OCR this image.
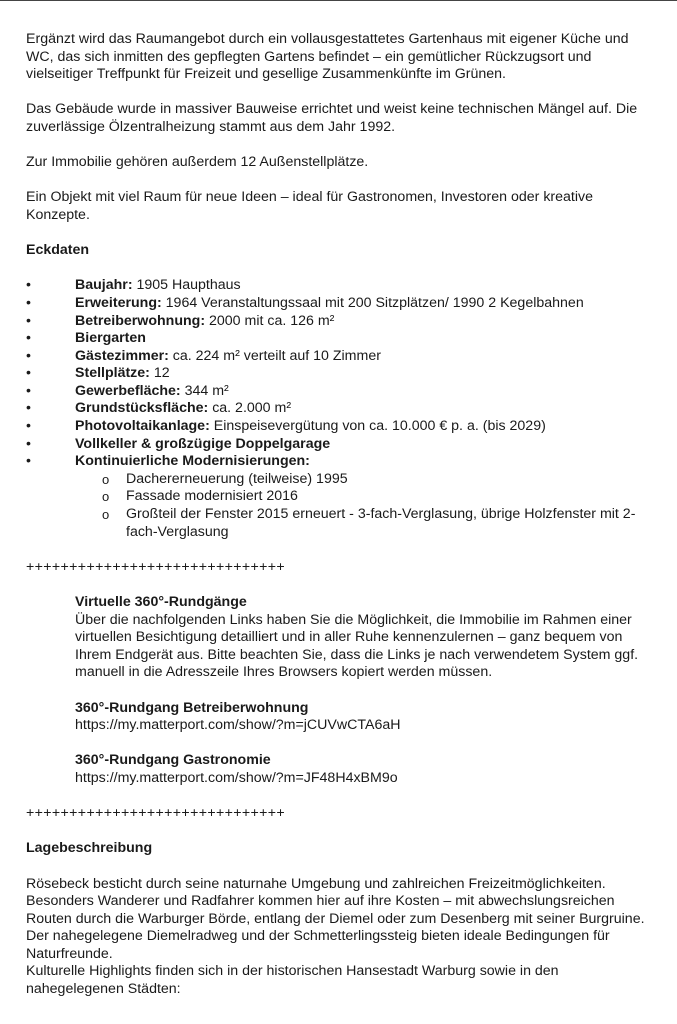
Ergänzt wird das Raumangebot durch ein vollausgestattetes Gartenhaus mit eigener Küche und WC, das sich inmitten des gepflegten Gartens befindet – ein gemütlicher Rückzugsort und vielseitiger Treffpunkt für Freizeit und gesellige Zusammenkünfte im Grünen.

Das Gebäude wurde in massiver Bauweise errichtet und weist keine technischen Mängel auf. Die zuverlässige Ölzentralheizung stammt aus dem Jahr 1992.

Zur Immobilie gehören außerdem 12 Außenstellplätze.

Ein Objekt mit viel Raum für neue Ideen – ideal für Gastronomen, Investoren oder kreative Konzepte.

Eckdaten

• Baujahr: 1905 Haupthaus
• Erweiterung: 1964 Veranstaltungssaal mit 200 Sitzplätzen/ 1990 2 Kegelbahnen
• Betreiberwohnung: 2000 mit ca. 126 m²
• Biergarten
• Gästezimmer: ca. 224 m² verteilt auf 10 Zimmer
• Stellplätze: 12
• Gewerbefläche: 344 m²
• Grundstücksfläche: ca. 2.000 m²
• Photovoltaikanlage: Einspeisevergütung von ca. 10.000 € p. a. (bis 2029)
• Vollkeller & großzügige Doppelgarage
• Kontinuierliche Modernisierungen:
o Dachererneuerung (teilweise) 1995
o Fassade modernisiert 2016
o Großteil der Fenster 2015 erneuert - 3-fach-Verglasung, übrige Holzfenster mit 2-fach-Verglasung

++++++++++++++++++++++++++++++

Virtuelle 360°-Rundgänge

Über die nachfolgenden Links haben Sie die Möglichkeit, die Immobilie im Rahmen einer virtuellen Besichtigung detailliert und in aller Ruhe kennenzulernen – ganz bequem von Ihrem Endgerät aus. Bitte beachten Sie, dass die Links je nach verwendetem System ggf. manuell in die Adresszeile Ihres Browsers kopiert werden müssen.

360°-Rundgang Betreiberwohnung

https://my.matterport.com/show/?m=jCUVwCTA6aH

360°-Rundgang Gastronomie

https://my.matterport.com/show/?m=JF48H4xBM9o

++++++++++++++++++++++++++++++

Lagebeschreibung

Rösebeck besticht durch seine naturnahe Umgebung und zahlreichen Freizeitmöglichkeiten. Besonders Wanderer und Radfahrer kommen hier auf ihre Kosten – mit abwechslungsreichen Routen durch die Warburger Börde, entlang der Diemel oder zum Desenberg mit seiner Burgruine. Der nahegelegene Diemelradweg und der Schmetterlingssteig bieten ideale Bedingungen für Naturfreunde.

Kulturelle Highlights finden sich in der historischen Hansestadt Warburg sowie in den nahegelegenen Städten:
